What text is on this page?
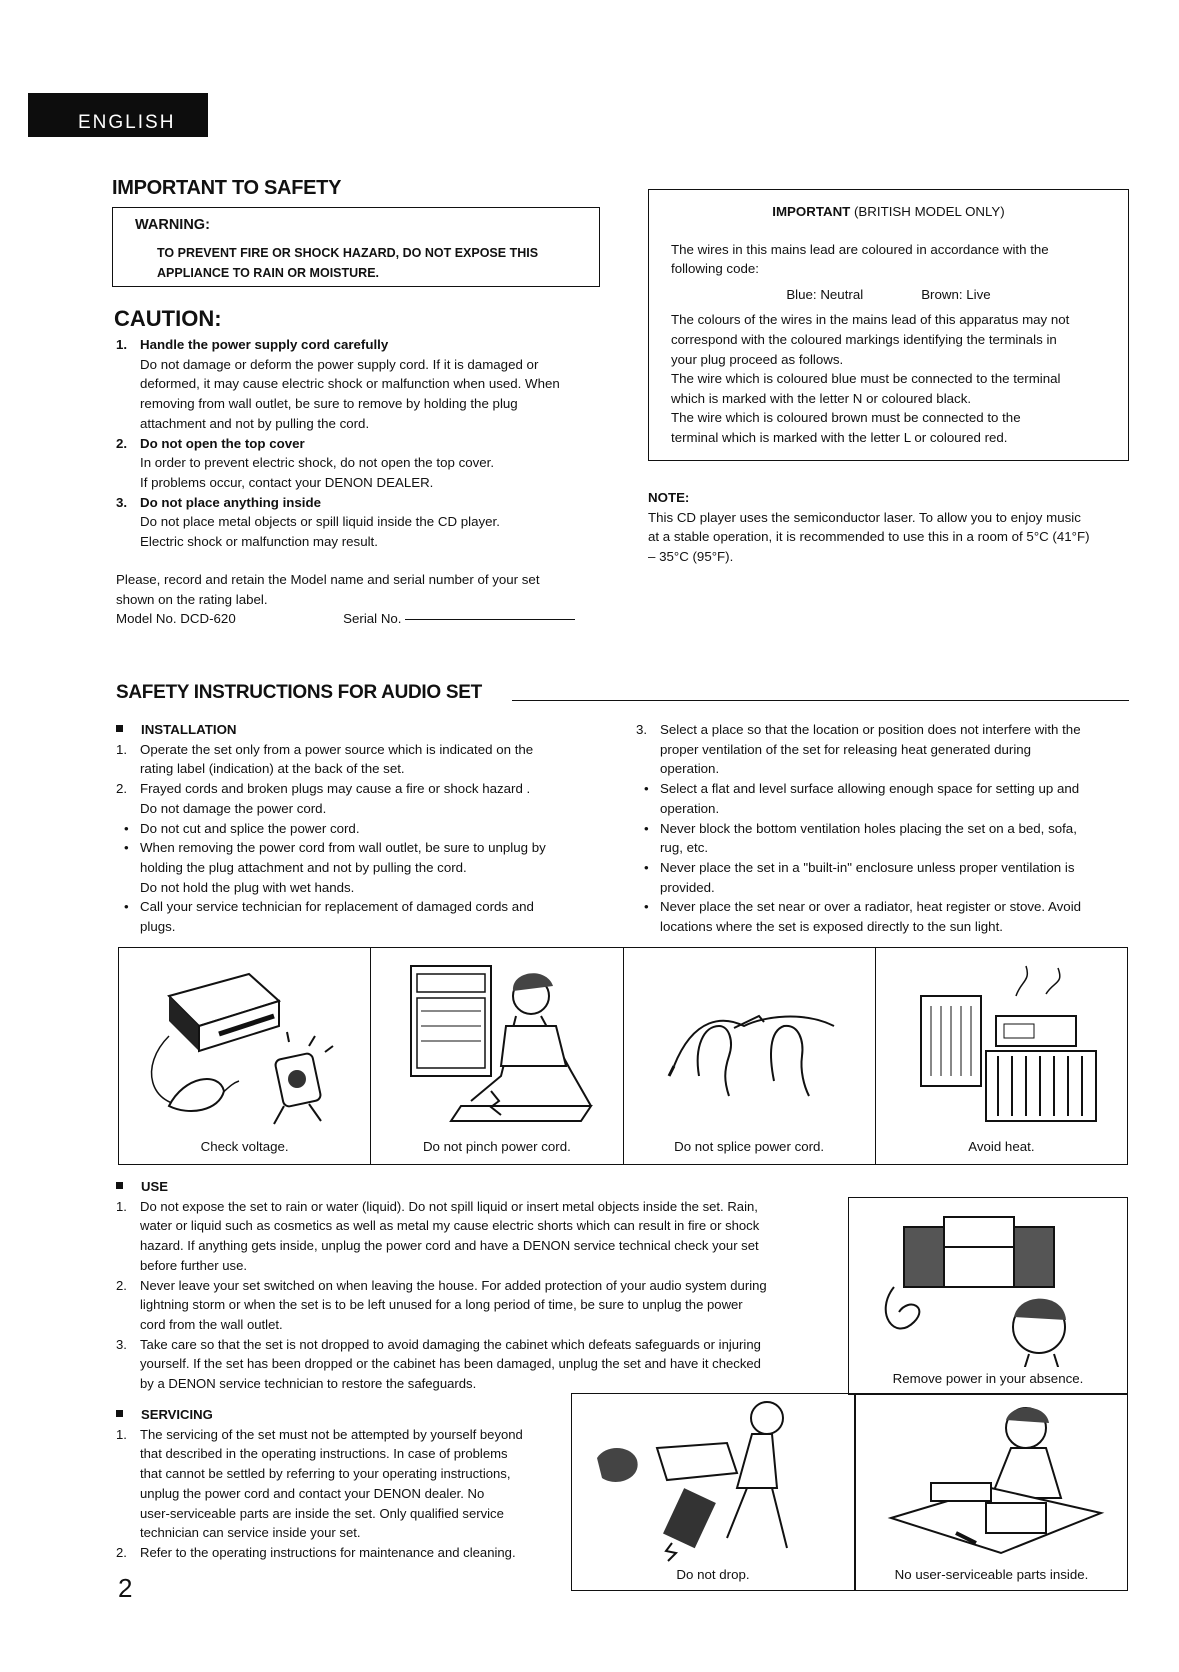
ENGLISH
IMPORTANT TO SAFETY
WARNING:
TO PREVENT FIRE OR SHOCK HAZARD, DO NOT EXPOSE THIS
APPLIANCE TO RAIN OR MOISTURE.
CAUTION:
1. Handle the power supply cord carefully
Do not damage or deform the power supply cord. If it is damaged or
deformed, it may cause electric shock or malfunction when used. When
removing from wall outlet, be sure to remove by holding the plug
attachment and not by pulling the cord.
2. Do not open the top cover
In order to prevent electric shock, do not open the top cover.
If problems occur, contact your DENON DEALER.
3. Do not place anything inside
Do not place metal objects or spill liquid inside the CD player.
Electric shock or malfunction may result.
Please, record and retain the Model name and serial number of your set
shown on the rating label.
Model No. DCD-620	Serial No.
IMPORTANT (BRITISH MODEL ONLY)
The wires in this mains lead are coloured in accordance with the
following code:
Blue: Neutral	Brown: Live
The colours of the wires in the mains lead of this apparatus may not
correspond with the coloured markings identifying the terminals in
your plug proceed as follows.
The wire which is coloured blue must be connected to the terminal
which is marked with the letter N or coloured black.
The wire which is coloured brown must be connected to the
terminal which is marked with the letter L or coloured red.
NOTE:
This CD player uses the semiconductor laser. To allow you to enjoy music
at a stable operation, it is recommended to use this in a room of 5°C (41°F)
– 35°C (95°F).
SAFETY INSTRUCTIONS FOR AUDIO SET
INSTALLATION
1. Operate the set only from a power source which is indicated on the
rating label (indication) at the back of the set.
2. Frayed cords and broken plugs may cause a fire or shock hazard .
Do not damage the power cord.
• Do not cut and splice the power cord.
• When removing the power cord from wall outlet, be sure to unplug by
holding the plug attachment and not by pulling the cord.
Do not hold the plug with wet hands.
• Call your service technician for replacement of damaged cords and
plugs.
3. Select a place so that the location or position does not interfere with the
proper ventilation of the set for releasing heat generated during
operation.
• Select a flat and level surface allowing enough space for setting up and
operation.
• Never block the bottom ventilation holes placing the set on a bed, sofa,
rug, etc.
• Never place the set in a "built-in" enclosure unless proper ventilation is
provided.
• Never place the set near or over a radiator, heat register or stove. Avoid
locations where the set is exposed directly to the sun light.
Check voltage.	Do not pinch power cord.	Do not splice power cord.	Avoid heat.
USE
1. Do not expose the set to rain or water (liquid). Do not spill liquid or insert metal objects inside the set. Rain,
water or liquid such as cosmetics as well as metal my cause electric shorts which can result in fire or shock
hazard. If anything gets inside, unplug the power cord and have a DENON service technical check your set
before further use.
2. Never leave your set switched on when leaving the house. For added protection of your audio system during
lightning storm or when the set is to be left unused for a long period of time, be sure to unplug the power
cord from the wall outlet.
3. Take care so that the set is not dropped to avoid damaging the cabinet which defeats safeguards or injuring
yourself. If the set has been dropped or the cabinet has been damaged, unplug the set and have it checked
by a DENON service technician to restore the safeguards.	Remove power in your absence.
SERVICING
1. The servicing of the set must not be attempted by yourself beyond
that described in the operating instructions. In case of problems
that cannot be settled by referring to your operating instructions,
unplug the power cord and contact your DENON dealer. No
user-serviceable parts are inside the set. Only qualified service
technician can service inside your set.
2. Refer to the operating instructions for maintenance and cleaning.
Do not drop.	No user-serviceable parts inside.
2
